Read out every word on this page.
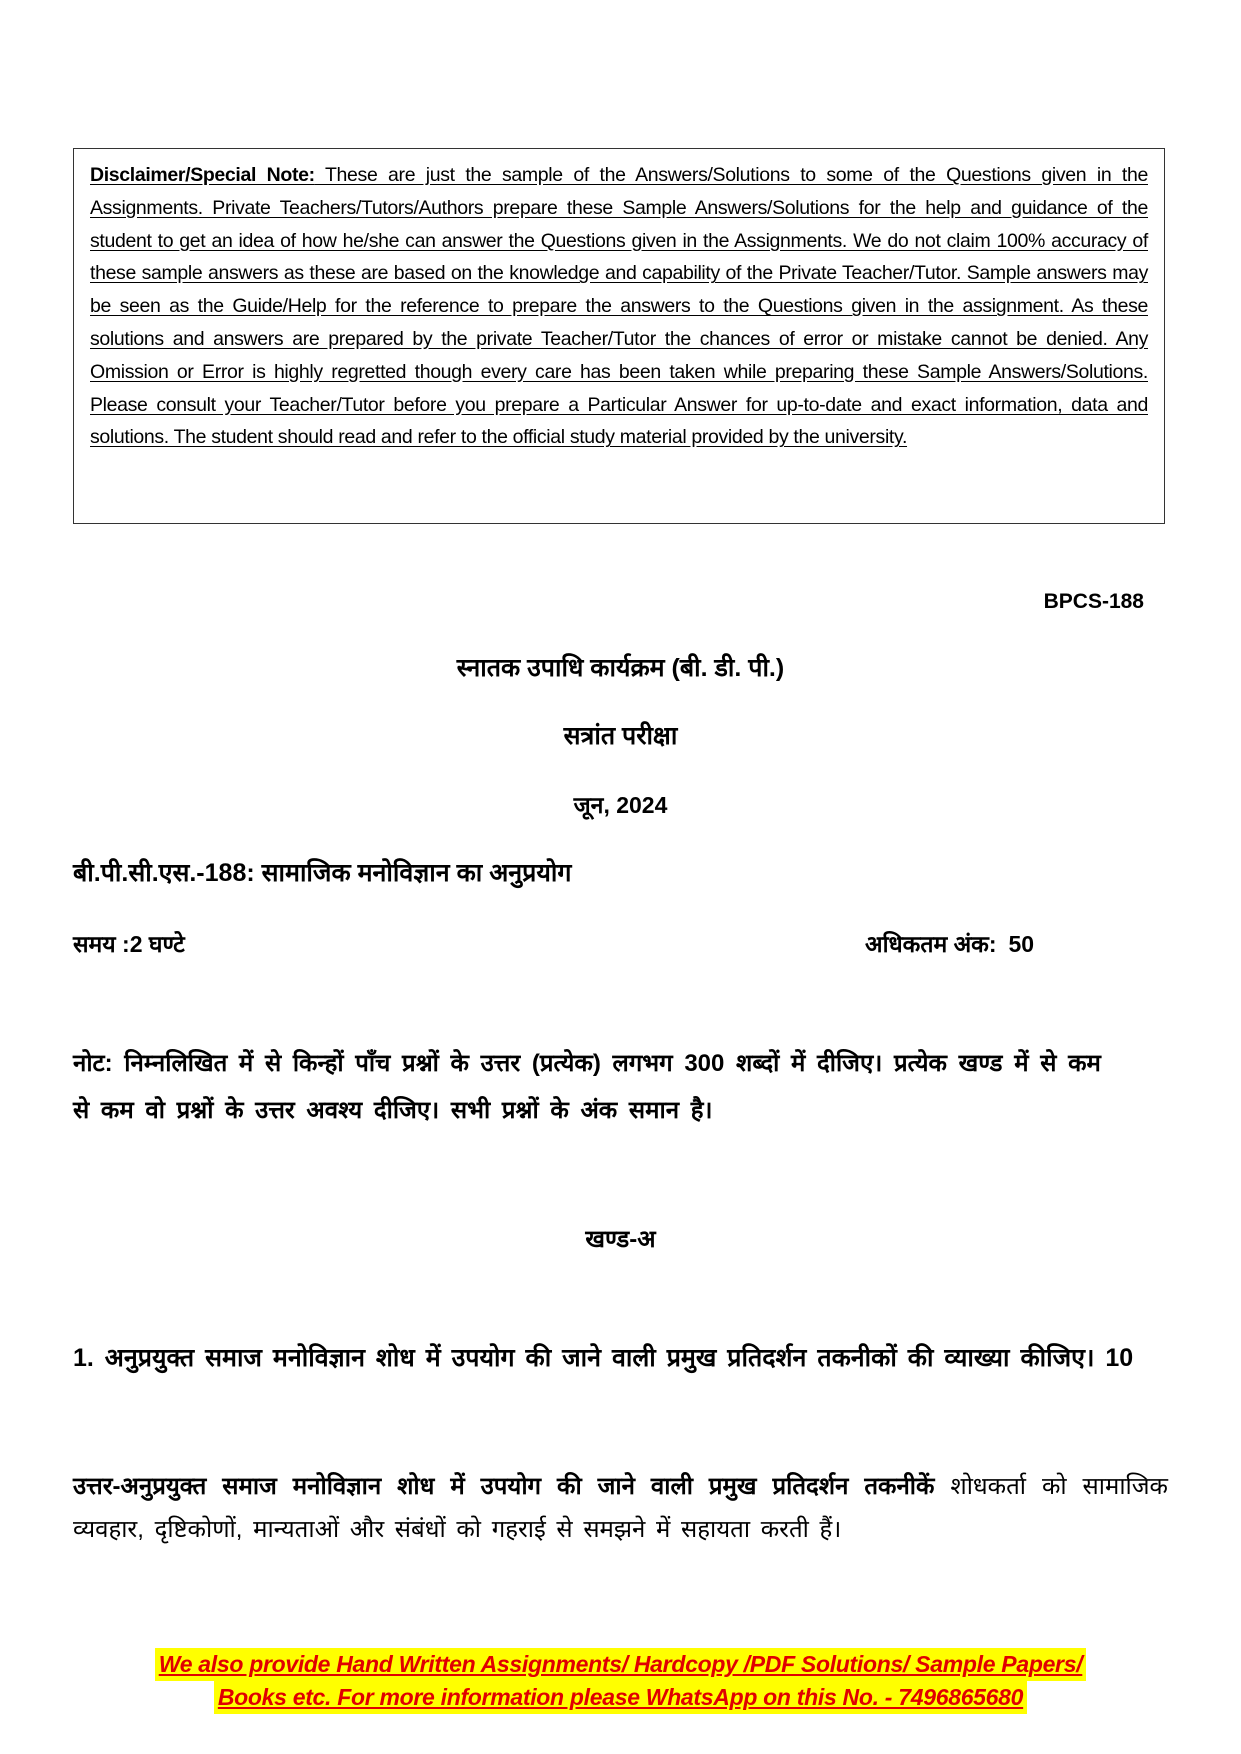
Disclaimer/Special Note: These are just the sample of the Answers/Solutions to some of the Questions given in the Assignments. Private Teachers/Tutors/Authors prepare these Sample Answers/Solutions for the help and guidance of the student to get an idea of how he/she can answer the Questions given in the Assignments. We do not claim 100% accuracy of these sample answers as these are based on the knowledge and capability of the Private Teacher/Tutor. Sample answers may be seen as the Guide/Help for the reference to prepare the answers to the Questions given in the assignment. As these solutions and answers are prepared by the private Teacher/Tutor the chances of error or mistake cannot be denied. Any Omission or Error is highly regretted though every care has been taken while preparing these Sample Answers/Solutions. Please consult your Teacher/Tutor before you prepare a Particular Answer for up-to-date and exact information, data and solutions. The student should read and refer to the official study material provided by the university.

BPCS-188
स्नातक उपाधि कार्यक्रम (बी. डी. पी.)
सत्रांत परीक्षा
जून, 2024
बी.पी.सी.एस.-188: सामाजिक मनोविज्ञान का अनुप्रयोग
समय :2 घण्टे	अधिकतम अंक: 50
नोट: निम्नलिखित में से किन्हों पाँच प्रश्नों के उत्तर (प्रत्येक) लगभग 300 शब्दों में दीजिए। प्रत्येक खण्ड में से कम से कम वो प्रश्नों के उत्तर अवश्य दीजिए। सभी प्रश्नों के अंक समान है।
खण्ड-अ
1. अनुप्रयुक्त समाज मनोविज्ञान शोध में उपयोग की जाने वाली प्रमुख प्रतिदर्शन तकनीकों की व्याख्या कीजिए। 10
उत्तर-अनुप्रयुक्त समाज मनोविज्ञान शोध में उपयोग की जाने वाली प्रमुख प्रतिदर्शन तकनीकें शोधकर्ता को सामाजिक व्यवहार, दृष्टिकोणों, मान्यताओं और संबंधों को गहराई से समझने में सहायता करती हैं।
We also provide Hand Written Assignments/ Hardcopy /PDF Solutions/ Sample Papers/
Books etc. For more information please WhatsApp on this No. - 7496865680
